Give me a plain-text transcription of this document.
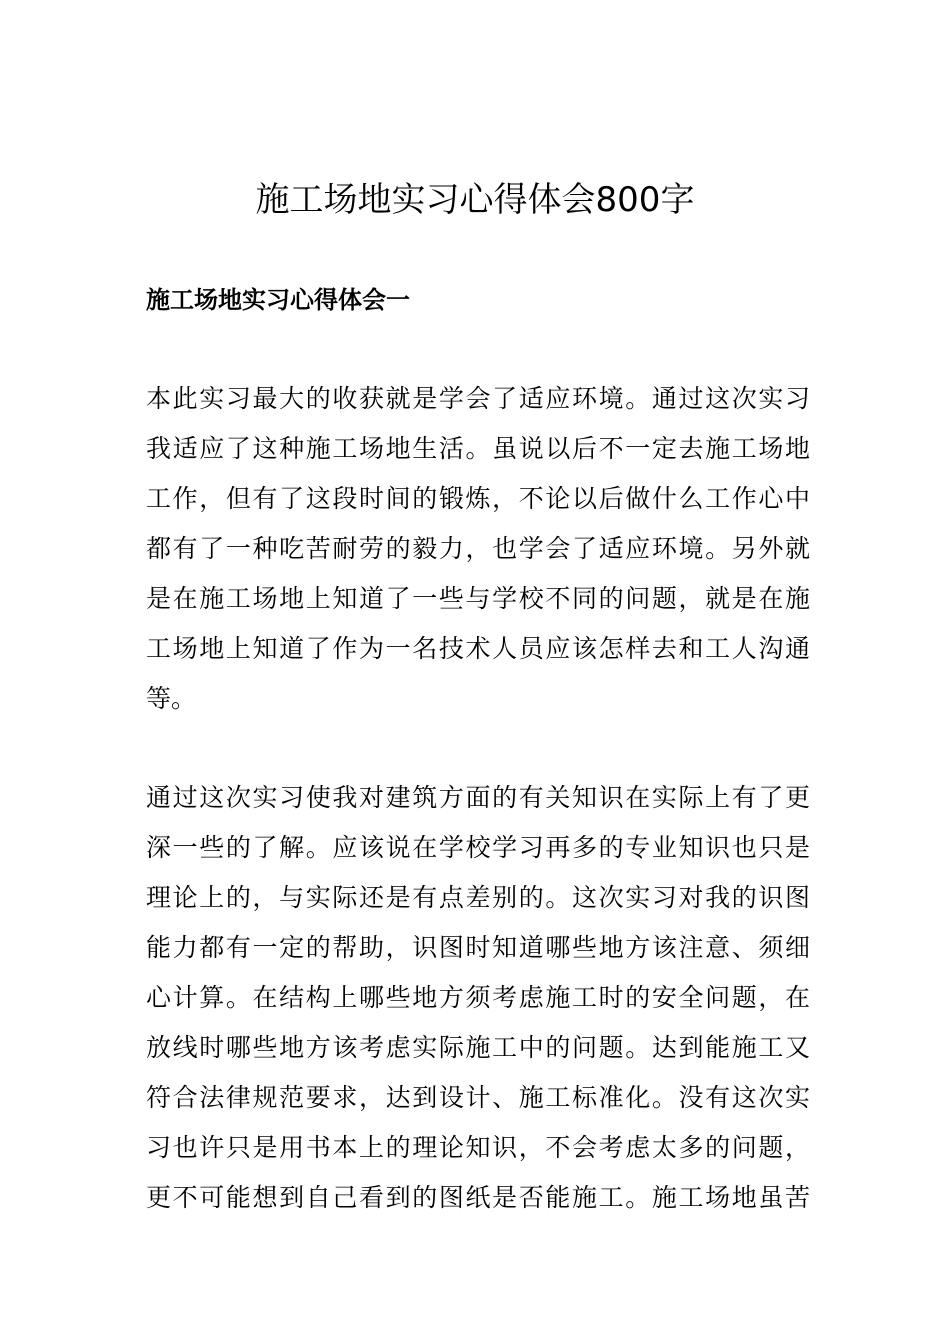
施工场地实习心得体会800字
施工场地实习心得体会一
本此实习最大的收获就是学会了适应环境。通过这次实习
我适应了这种施工场地生活。虽说以后不一定去施工场地
工作，但有了这段时间的锻炼，不论以后做什么工作心中
都有了一种吃苦耐劳的毅力，也学会了适应环境。另外就
是在施工场地上知道了一些与学校不同的问题，就是在施
工场地上知道了作为一名技术人员应该怎样去和工人沟通
等。
通过这次实习使我对建筑方面的有关知识在实际上有了更
深一些的了解。应该说在学校学习再多的专业知识也只是
理论上的，与实际还是有点差别的。这次实习对我的识图
能力都有一定的帮助，识图时知道哪些地方该注意、须细
心计算。在结构上哪些地方须考虑施工时的安全问题，在
放线时哪些地方该考虑实际施工中的问题。达到能施工又
符合法律规范要求，达到设计、施工标准化。没有这次实
习也许只是用书本上的理论知识，不会考虑太多的问题，
更不可能想到自己看到的图纸是否能施工。施工场地虽苦
